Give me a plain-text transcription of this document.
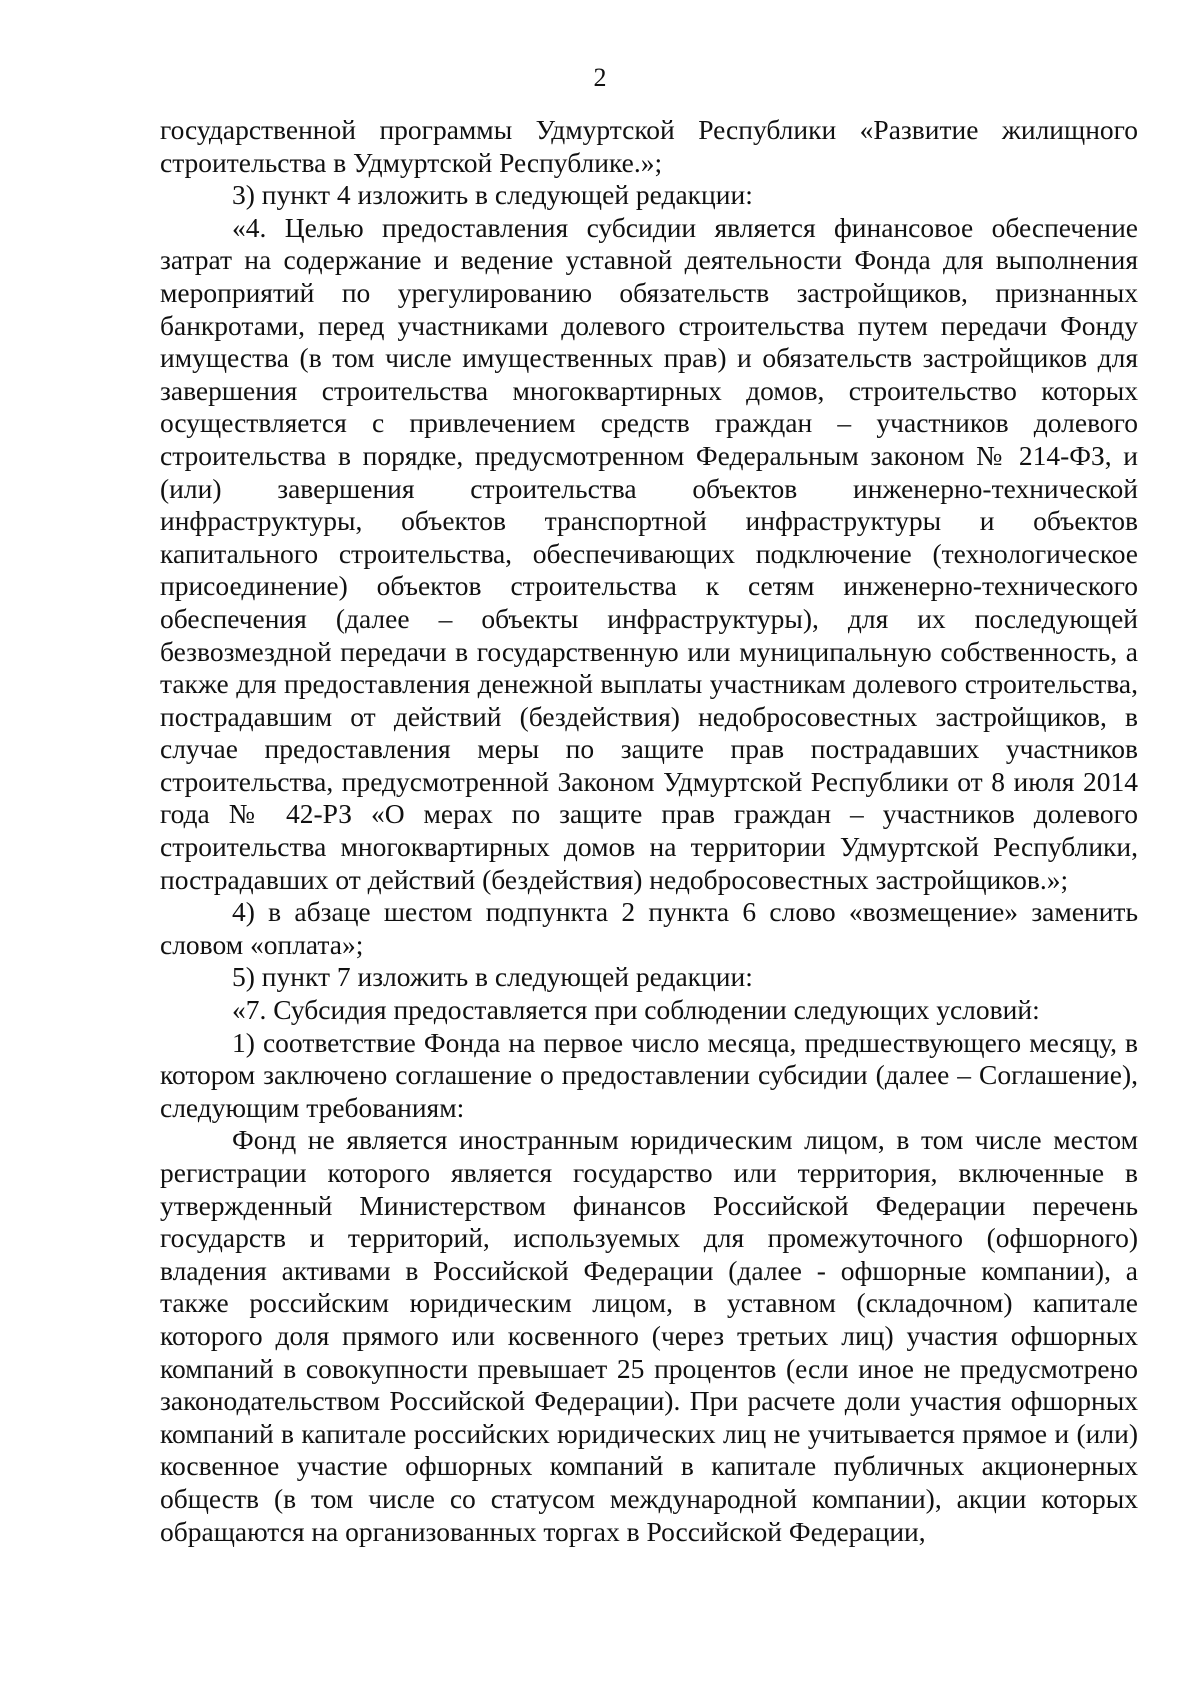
2

государственной программы Удмуртской Республики «Развитие жилищного строительства в Удмуртской Республике.»;

3) пункт 4 изложить в следующей редакции:

«4. Целью предоставления субсидии является финансовое обеспечение затрат на содержание и ведение уставной деятельности Фонда для выполнения мероприятий по урегулированию обязательств застройщиков, признанных банкротами, перед участниками долевого строительства путем передачи Фонду имущества (в том числе имущественных прав) и обязательств застройщиков для завершения строительства многоквартирных домов, строительство которых осуществляется с привлечением средств граждан – участников долевого строительства в порядке, предусмотренном Федеральным законом № 214-ФЗ, и (или) завершения строительства объектов инженерно-технической инфраструктуры, объектов транспортной инфраструктуры и объектов капитального строительства, обеспечивающих подключение (технологическое присоединение) объектов строительства к сетям инженерно-технического обеспечения (далее – объекты инфраструктуры), для их последующей безвозмездной передачи в государственную или муниципальную собственность, а также для предоставления денежной выплаты участникам долевого строительства, пострадавшим от действий (бездействия) недобросовестных застройщиков, в случае предоставления меры по защите прав пострадавших участников строительства, предусмотренной Законом Удмуртской Республики от 8 июля 2014 года № 42-РЗ «О мерах по защите прав граждан – участников долевого строительства многоквартирных домов на территории Удмуртской Республики, пострадавших от действий (бездействия) недобросовестных застройщиков.»;

4) в абзаце шестом подпункта 2 пункта 6 слово «возмещение» заменить словом «оплата»;

5) пункт 7 изложить в следующей редакции:

«7. Субсидия предоставляется при соблюдении следующих условий:

1) соответствие Фонда на первое число месяца, предшествующего месяцу, в котором заключено соглашение о предоставлении субсидии (далее – Соглашение), следующим требованиям:

Фонд не является иностранным юридическим лицом, в том числе местом регистрации которого является государство или территория, включенные в утвержденный Министерством финансов Российской Федерации перечень государств и территорий, используемых для промежуточного (офшорного) владения активами в Российской Федерации (далее - офшорные компании), а также российским юридическим лицом, в уставном (складочном) капитале которого доля прямого или косвенного (через третьих лиц) участия офшорных компаний в совокупности превышает 25 процентов (если иное не предусмотрено законодательством Российской Федерации). При расчете доли участия офшорных компаний в капитале российских юридических лиц не учитывается прямое и (или) косвенное участие офшорных компаний в капитале публичных акционерных обществ (в том числе со статусом международной компании), акции которых обращаются на организованных торгах в Российской Федерации,
